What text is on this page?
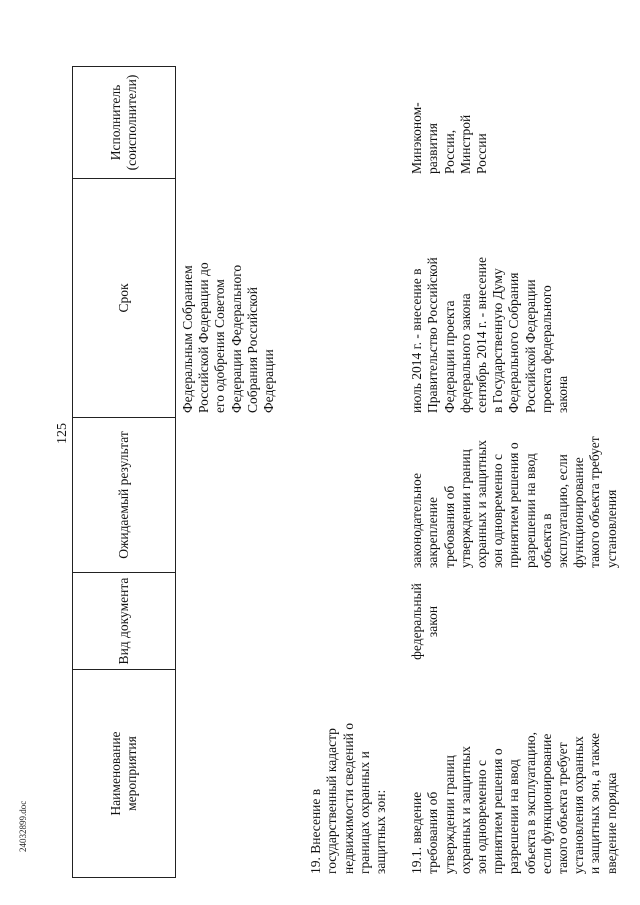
125
24032899.doc
Наименование
мероприятия
Вид документа
Ожидаемый результат
Срок
Исполнитель
(соисполнители)
Федеральным Собранием
Российской Федерации до
его одобрения Советом
Федерации Федерального
Собрания Российской
Федерации
19. Внесение в
государственный кадастр
недвижимости сведений о
границах охранных и
защитных зон:
19.1. введение
требования об
утверждении границ
охранных и защитных
зон одновременно с
принятием решения о
разрешении на ввод
объекта в эксплуатацию,
если функционирование
такого объекта требует
установления охранных
и защитных зон, а также
введение порядка
федеральный
закон
законодательное
закрепление
требования об
утверждении границ
охранных и защитных
зон одновременно с
принятием решения о
разрешении на ввод
объекта в
эксплуатацию, если
функционирование
такого объекта требует
установления
июль 2014 г. - внесение в
Правительство Российской
Федерации проекта
федерального закона
сентябрь 2014 г. - внесение
в Государственную Думу
Федерального Собрания
Российской Федерации
проекта федерального
закона
Минэконом-
развития
России,
Минстрой
России
